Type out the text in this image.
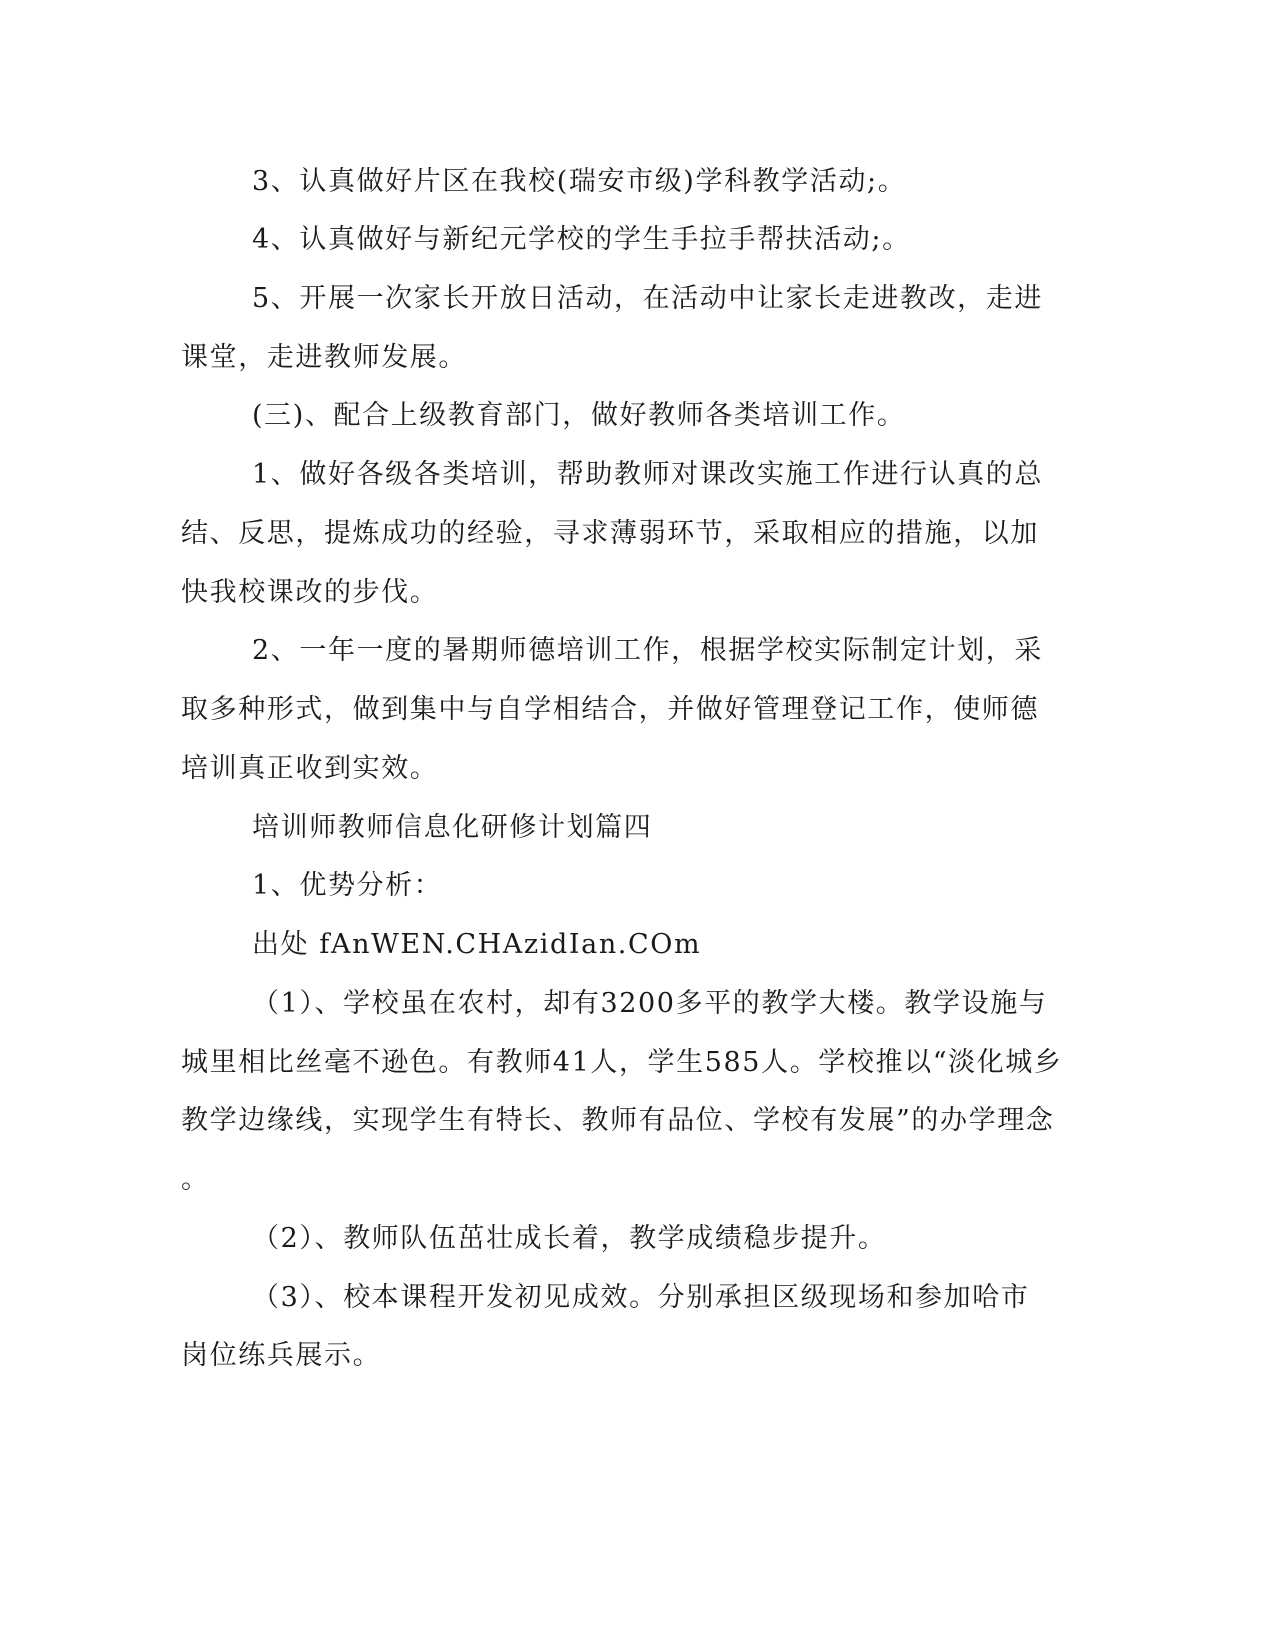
3、认真做好片区在我校(瑞安市级)学科教学活动;。
4、认真做好与新纪元学校的学生手拉手帮扶活动;。
5、开展一次家长开放日活动，在活动中让家长走进教改，走进
课堂，走进教师发展。
(三)、配合上级教育部门，做好教师各类培训工作。
1、做好各级各类培训，帮助教师对课改实施工作进行认真的总
结、反思，提炼成功的经验，寻求薄弱环节，采取相应的措施，以加
快我校课改的步伐。
2、一年一度的暑期师德培训工作，根据学校实际制定计划，采
取多种形式，做到集中与自学相结合，并做好管理登记工作，使师德
培训真正收到实效。
培训师教师信息化研修计划篇四
1、优势分析：
出处 fAnWEN.CHAzidIan.COm
（1）、学校虽在农村，却有3200多平的教学大楼。教学设施与
城里相比丝毫不逊色。有教师41人，学生585人。学校推以“淡化城乡
教学边缘线，实现学生有特长、教师有品位、学校有发展”的办学理念
。
（2）、教师队伍茁壮成长着，教学成绩稳步提升。
（3）、校本课程开发初见成效。分别承担区级现场和参加哈市
岗位练兵展示。
